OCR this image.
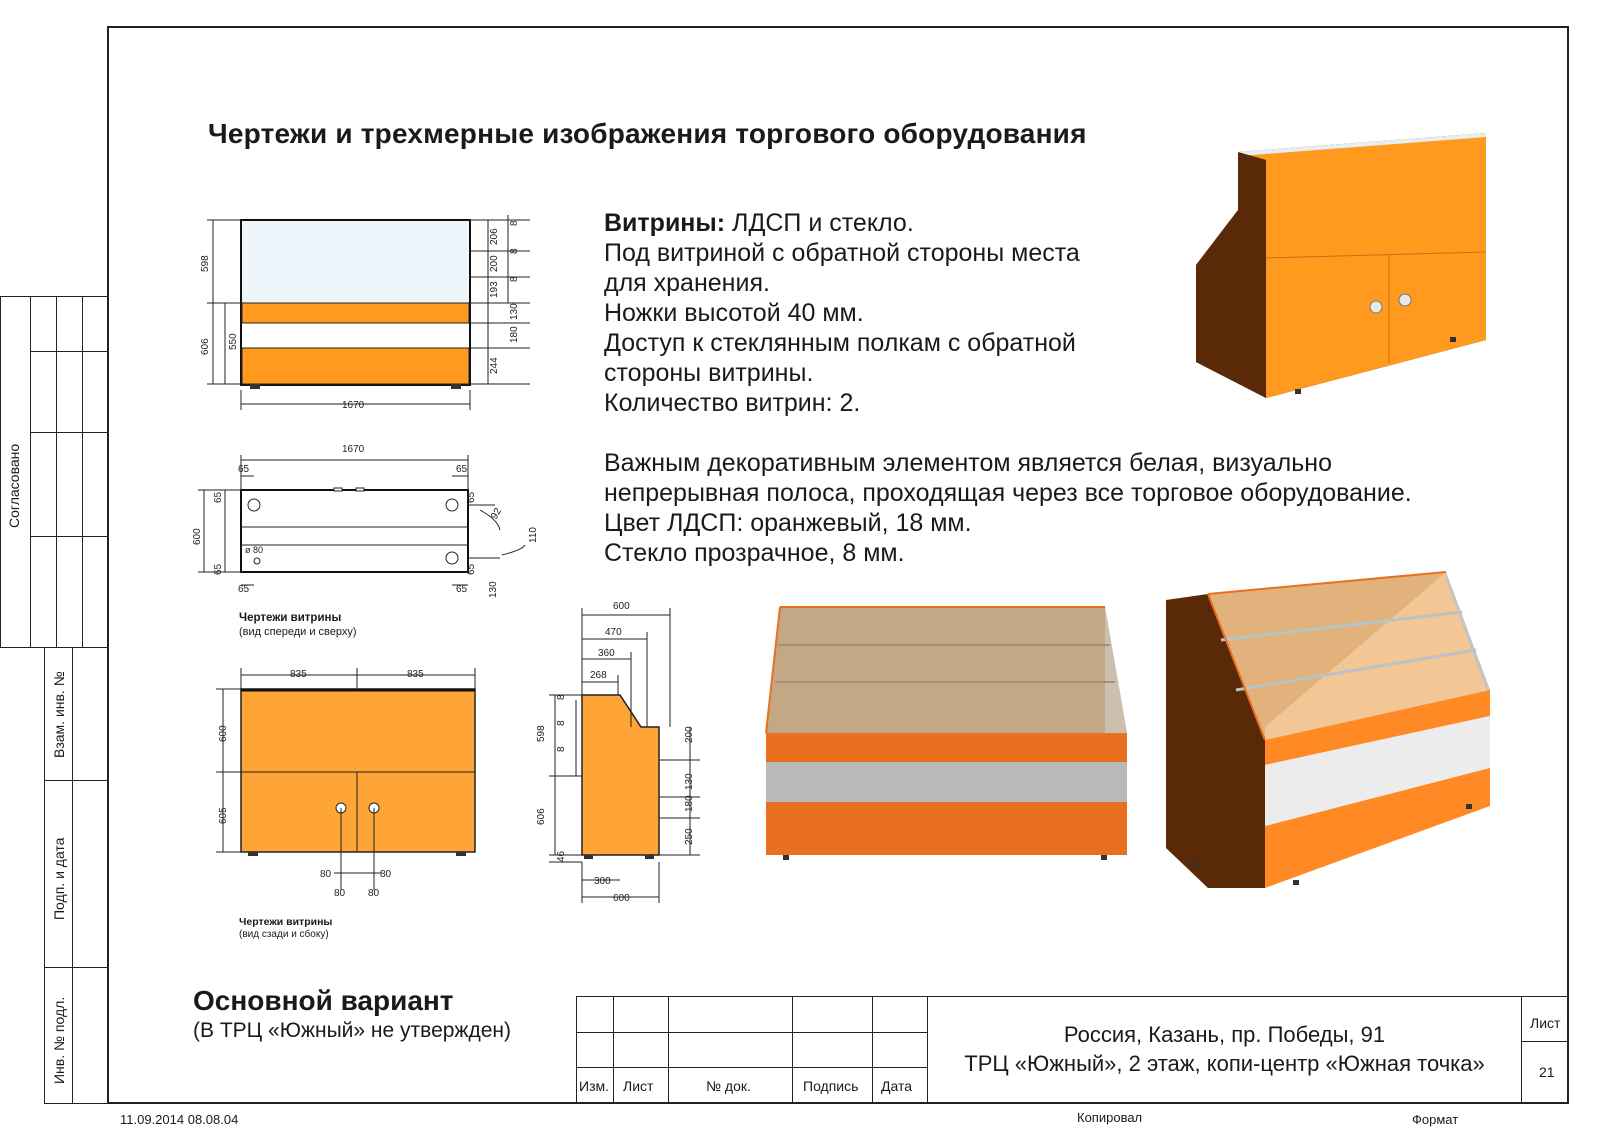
Согласовано
Взам. инв. №
Подп. и дата
Инв. № подл.
Чертежи и трехмерные изображения торгового оборудования

Витрины: ЛДСП и стекло.

Под витриной с обратной стороны места

для хранения.

Ножки высотой 40 мм.

Доступ к стеклянным полкам с обратной

стороны витрины.

Количество витрин: 2.

Важным декоративным элементом является белая, визуально

непрерывная полоса, проходящая через все торговое оборудование.

Цвет ЛДСП: оранжевый, 18 мм.

Стекло прозрачное, 8 мм.

1670
598
606 550
206
200
193
130
180
244
8
8
8
1670
65	65
65	65
65
65
65
65
600
ø 80
92
110
130
835	835
600
605
80	80
80 80
600
470
360
268
300
600
598
606
46
8
8
8
200
130
180
250
Чертежи витрины
(вид спереди и сверху)
Чертежи витрины
(вид сзади и сбоку)
Основной вариант
(В ТРЦ «Южный» не утвержден)
Изм. Лист	№ док.	Подпись Дата
Россия, Казань, пр. Победы, 91
ТРЦ «Южный», 2 этаж, копи-центр «Южная точка»
Лист
21
11.09.2014 08.08.04	Копировал	Формат
